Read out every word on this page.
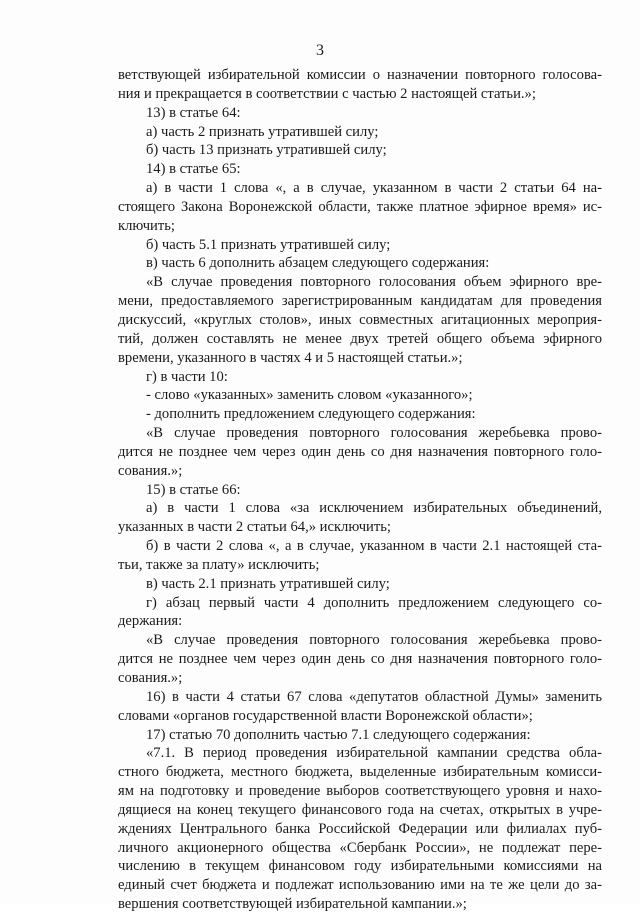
3
ветствующей избирательной комиссии о назначении повторного голосова-
ния и прекращается в соответствии с частью 2 настоящей статьи.»;
13) в статье 64:
а) часть 2 признать утратившей силу;
б) часть 13 признать утратившей силу;
14) в статье 65:
а) в части 1 слова «, а в случае, указанном в части 2 статьи 64 на-
стоящего Закона Воронежской области, также платное эфирное время» ис-
ключить;
б) часть 5.1 признать утратившей силу;
в) часть 6 дополнить абзацем следующего содержания:
«В случае проведения повторного голосования объем эфирного вре-
мени, предоставляемого зарегистрированным кандидатам для проведения
дискуссий, «круглых столов», иных совместных агитационных мероприя-
тий, должен составлять не менее двух третей общего объема эфирного
времени, указанного в частях 4 и 5 настоящей статьи.»;
г) в части 10:
- слово «указанных» заменить словом «указанного»;
- дополнить предложением следующего содержания:
«В случае проведения повторного голосования жеребьевка прово-
дится не позднее чем через один день со дня назначения повторного голо-
сования.»;
15) в статье 66:
а) в части 1 слова «за исключением избирательных объединений,
указанных в части 2 статьи 64,» исключить;
б) в части 2 слова «, а в случае, указанном в части 2.1 настоящей ста-
тьи, также за плату» исключить;
в) часть 2.1 признать утратившей силу;
г) абзац первый части 4 дополнить предложением следующего со-
держания:
«В случае проведения повторного голосования жеребьевка прово-
дится не позднее чем через один день со дня назначения повторного голо-
сования.»;
16) в части 4 статьи 67 слова «депутатов областной Думы» заменить
словами «органов государственной власти Воронежской области»;
17) статью 70 дополнить частью 7.1 следующего содержания:
«7.1. В период проведения избирательной кампании средства обла-
стного бюджета, местного бюджета, выделенные избирательным комисси-
ям на подготовку и проведение выборов соответствующего уровня и нахо-
дящиеся на конец текущего финансового года на счетах, открытых в учре-
ждениях Центрального банка Российской Федерации или филиалах пуб-
личного акционерного общества «Сбербанк России», не подлежат пере-
числению в текущем финансовом году избирательными комиссиями на
единый счет бюджета и подлежат использованию ими на те же цели до за-
вершения соответствующей избирательной кампании.»;
